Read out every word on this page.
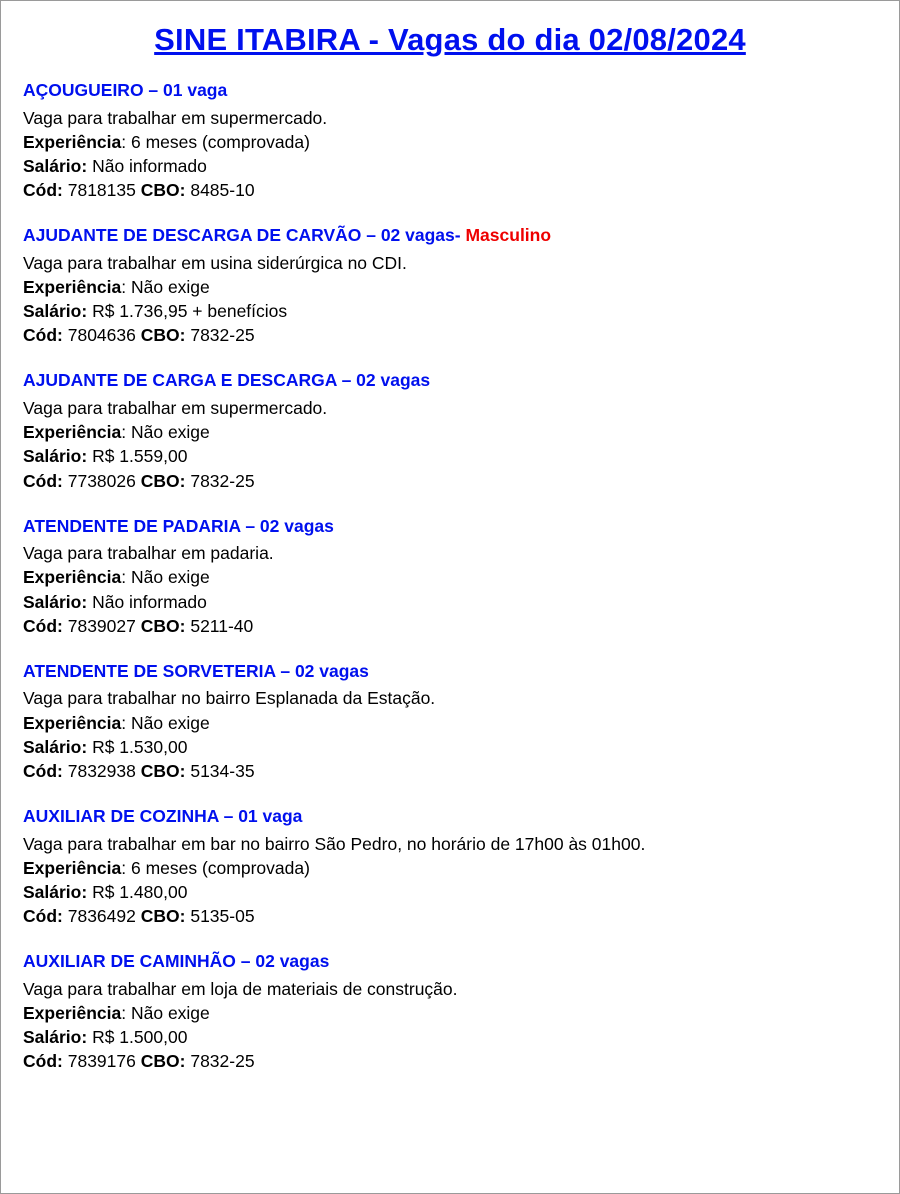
SINE ITABIRA - Vagas do dia 02/08/2024
AÇOUGUEIRO – 01 vaga
Vaga para trabalhar em supermercado.
Experiência: 6 meses (comprovada)
Salário: Não informado
Cód: 7818135 CBO: 8485-10
AJUDANTE DE DESCARGA DE CARVÃO – 02 vagas- Masculino
Vaga para trabalhar em usina siderúrgica no CDI.
Experiência: Não exige
Salário: R$ 1.736,95 + benefícios
Cód: 7804636 CBO: 7832-25
AJUDANTE DE CARGA E DESCARGA – 02 vagas
Vaga para trabalhar em supermercado.
Experiência: Não exige
Salário: R$ 1.559,00
Cód: 7738026 CBO: 7832-25
ATENDENTE DE PADARIA – 02 vagas
Vaga para trabalhar em padaria.
Experiência: Não exige
Salário: Não informado
Cód: 7839027 CBO: 5211-40
ATENDENTE DE SORVETERIA – 02 vagas
Vaga para trabalhar no bairro Esplanada da Estação.
Experiência: Não exige
Salário: R$ 1.530,00
Cód: 7832938 CBO: 5134-35
AUXILIAR DE COZINHA – 01 vaga
Vaga para trabalhar em bar no bairro São Pedro, no horário de 17h00 às 01h00.
Experiência: 6 meses (comprovada)
Salário: R$ 1.480,00
Cód: 7836492 CBO: 5135-05
AUXILIAR DE CAMINHÃO – 02 vagas
Vaga para trabalhar em loja de materiais de construção.
Experiência: Não exige
Salário: R$ 1.500,00
Cód: 7839176 CBO: 7832-25
